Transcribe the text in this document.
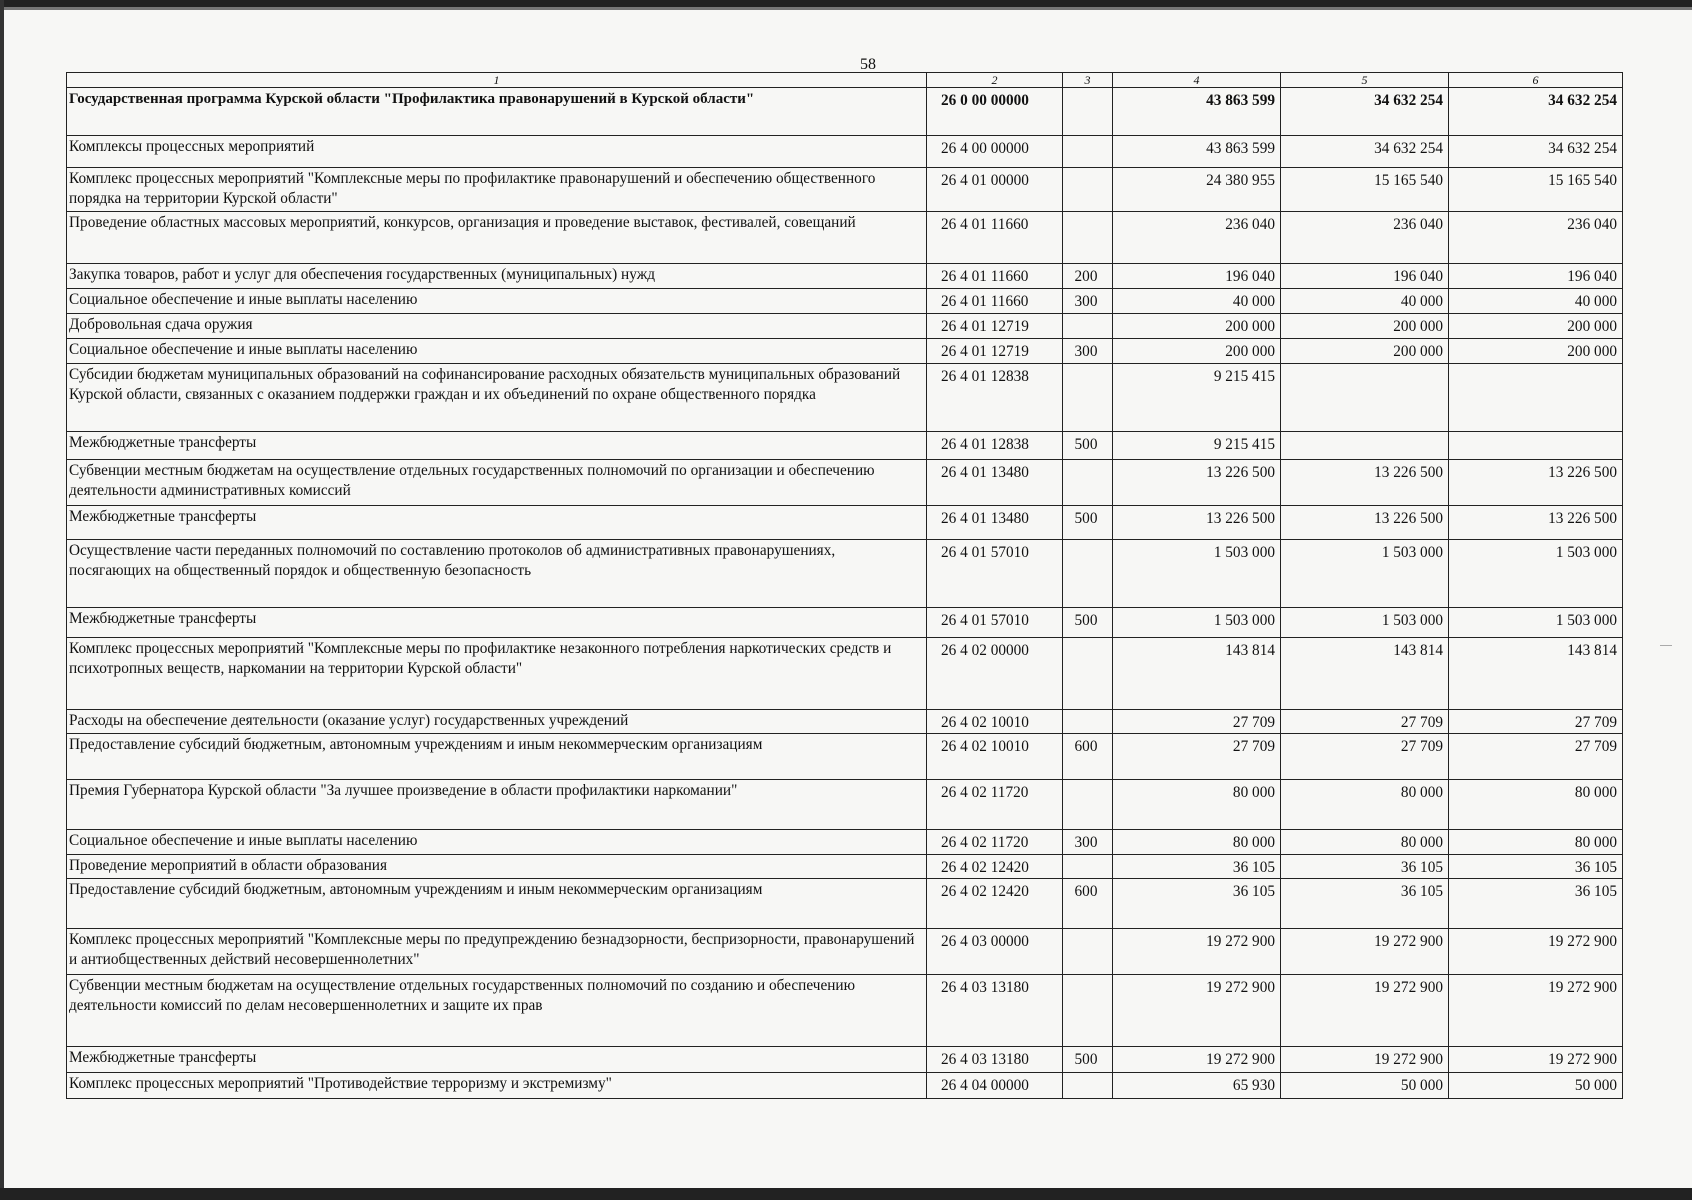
58
1	2	3	4	5	6
Государственная программа Курской области "Профилактика правонарушений в Курской области"	26 0 00 00000		43 863 599	34 632 254	34 632 254
Комплексы процессных мероприятий	26 4 00 00000		43 863 599	34 632 254	34 632 254
Комплекс процессных мероприятий "Комплексные меры по профилактике правонарушений и обеспечению общественного порядка на территории Курской области"	26 4 01 00000		24 380 955	15 165 540	15 165 540
Проведение областных массовых мероприятий, конкурсов, организация и проведение выставок, фестивалей, совещаний	26 4 01 11660		236 040	236 040	236 040
Закупка товаров, работ и услуг для обеспечения государственных (муниципальных) нужд	26 4 01 11660	200	196 040	196 040	196 040
Социальное обеспечение и иные выплаты населению	26 4 01 11660	300	40 000	40 000	40 000
Добровольная сдача оружия	26 4 01 12719		200 000	200 000	200 000
Социальное обеспечение и иные выплаты населению	26 4 01 12719	300	200 000	200 000	200 000
Субсидии бюджетам муниципальных образований на софинансирование расходных обязательств муниципальных образований Курской области, связанных с оказанием поддержки граждан и их объединений по охране общественного порядка	26 4 01 12838		9 215 415		
Межбюджетные трансферты	26 4 01 12838	500	9 215 415		
Субвенции местным бюджетам на осуществление отдельных государственных полномочий по организации и обеспечению деятельности административных комиссий	26 4 01 13480		13 226 500	13 226 500	13 226 500
Межбюджетные трансферты	26 4 01 13480	500	13 226 500	13 226 500	13 226 500
Осуществление части переданных полномочий по составлению протоколов об административных правонарушениях, посягающих на общественный порядок и общественную безопасность	26 4 01 57010		1 503 000	1 503 000	1 503 000
Межбюджетные трансферты	26 4 01 57010	500	1 503 000	1 503 000	1 503 000
Комплекс процессных мероприятий "Комплексные меры по профилактике незаконного потребления наркотических средств и психотропных веществ, наркомании на территории Курской области"	26 4 02 00000		143 814	143 814	143 814
Расходы на обеспечение деятельности (оказание услуг) государственных учреждений	26 4 02 10010		27 709	27 709	27 709
Предоставление субсидий бюджетным, автономным учреждениям и иным некоммерческим организациям	26 4 02 10010	600	27 709	27 709	27 709
Премия Губернатора Курской области "За лучшее произведение в области профилактики наркомании"	26 4 02 11720		80 000	80 000	80 000
Социальное обеспечение и иные выплаты населению	26 4 02 11720	300	80 000	80 000	80 000
Проведение мероприятий в области образования	26 4 02 12420		36 105	36 105	36 105
Предоставление субсидий бюджетным, автономным учреждениям и иным некоммерческим организациям	26 4 02 12420	600	36 105	36 105	36 105
Комплекс процессных мероприятий "Комплексные меры по предупреждению безнадзорности, беспризорности, правонарушений и антиобщественных действий несовершеннолетних"	26 4 03 00000		19 272 900	19 272 900	19 272 900
Субвенции местным бюджетам на осуществление отдельных государственных полномочий по созданию и обеспечению деятельности комиссий по делам несовершеннолетних и защите их прав	26 4 03 13180		19 272 900	19 272 900	19 272 900
Межбюджетные трансферты	26 4 03 13180	500	19 272 900	19 272 900	19 272 900
Комплекс процессных мероприятий "Противодействие терроризму и экстремизму"	26 4 04 00000		65 930	50 000	50 000
